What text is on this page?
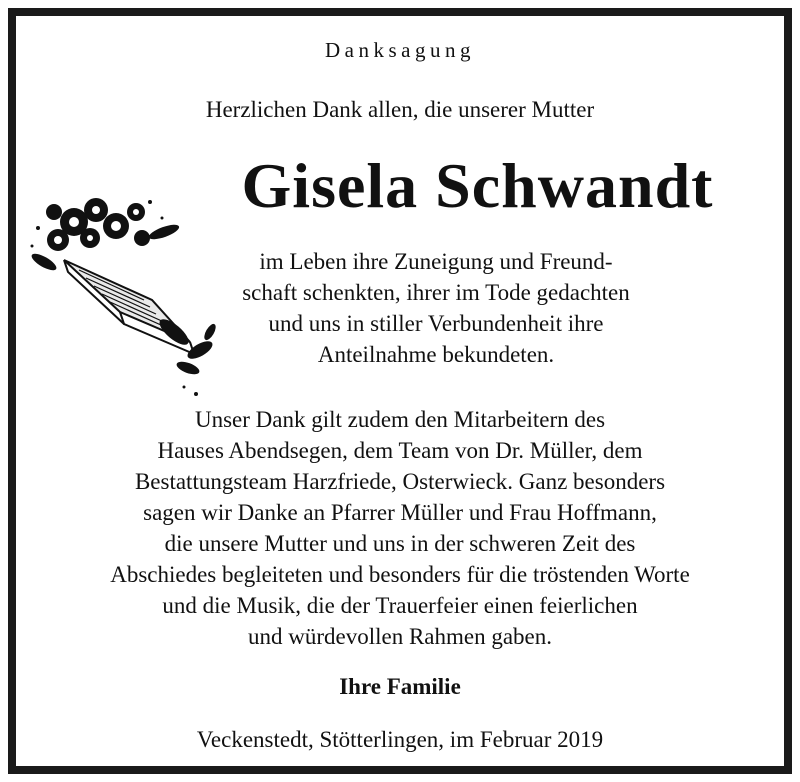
Danksagung
Herzlichen Dank allen, die unserer Mutter
Gisela Schwandt
im Leben ihre Zuneigung und Freund-
schaft schenkten, ihrer im Tode gedachten
und uns in stiller Verbundenheit ihre
Anteilnahme bekundeten.
Unser Dank gilt zudem den Mitarbeitern des
Hauses Abendsegen, dem Team von Dr. Müller, dem
Bestattungsteam Harzfriede, Osterwieck. Ganz besonders
sagen wir Danke an Pfarrer Müller und Frau Hoffmann,
die unsere Mutter und uns in der schweren Zeit des
Abschiedes begleiteten und besonders für die tröstenden Worte
und die Musik, die der Trauerfeier einen feierlichen
und würdevollen Rahmen gaben.
Ihre Familie
Veckenstedt, Stötterlingen, im Februar 2019
